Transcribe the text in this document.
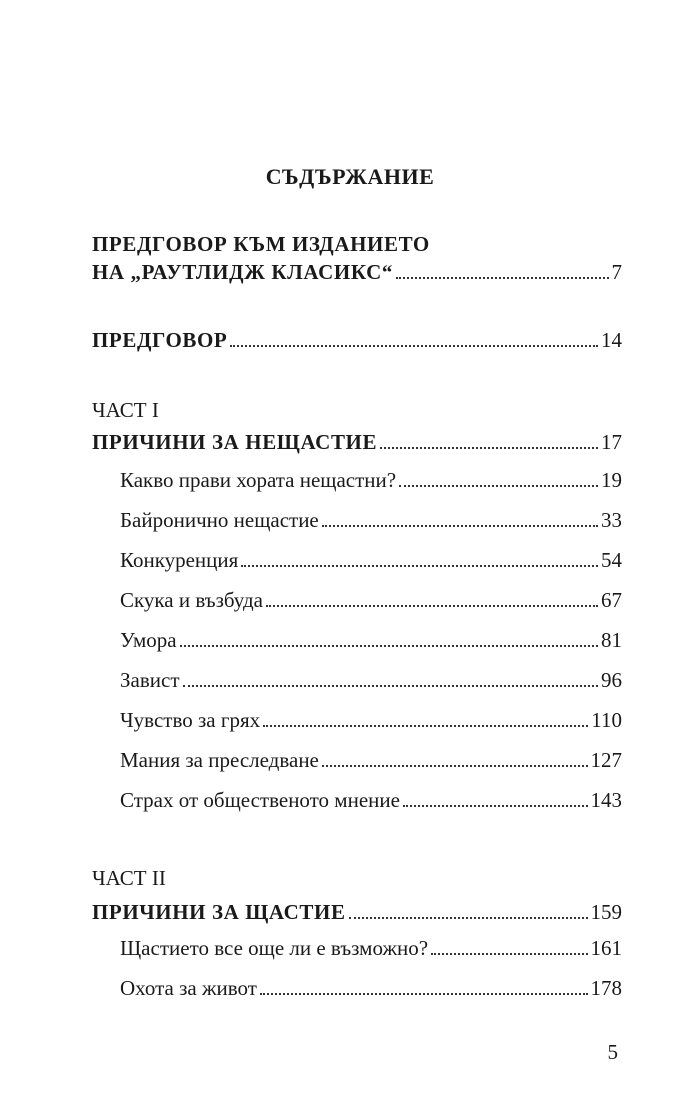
СЪДЪРЖАНИЕ
ПРЕДГОВОР КЪМ ИЗДАНИЕТО
НА „РАУТЛИДЖ КЛАСИКС“	7
ПРЕДГОВОР	14
ЧАСТ I
ПРИЧИНИ ЗА НЕЩАСТИЕ	17
Какво прави хората нещастни?	19
Байронично нещастие	33
Конкуренция	54
Скука и възбуда	67
Умора	81
Завист	96
Чувство за грях	110
Мания за преследване	127
Страх от общественото мнение	143
ЧАСТ II
ПРИЧИНИ ЗА ЩАСТИЕ	159
Щастието все още ли е възможно?	161
Охота за живот	178
5
